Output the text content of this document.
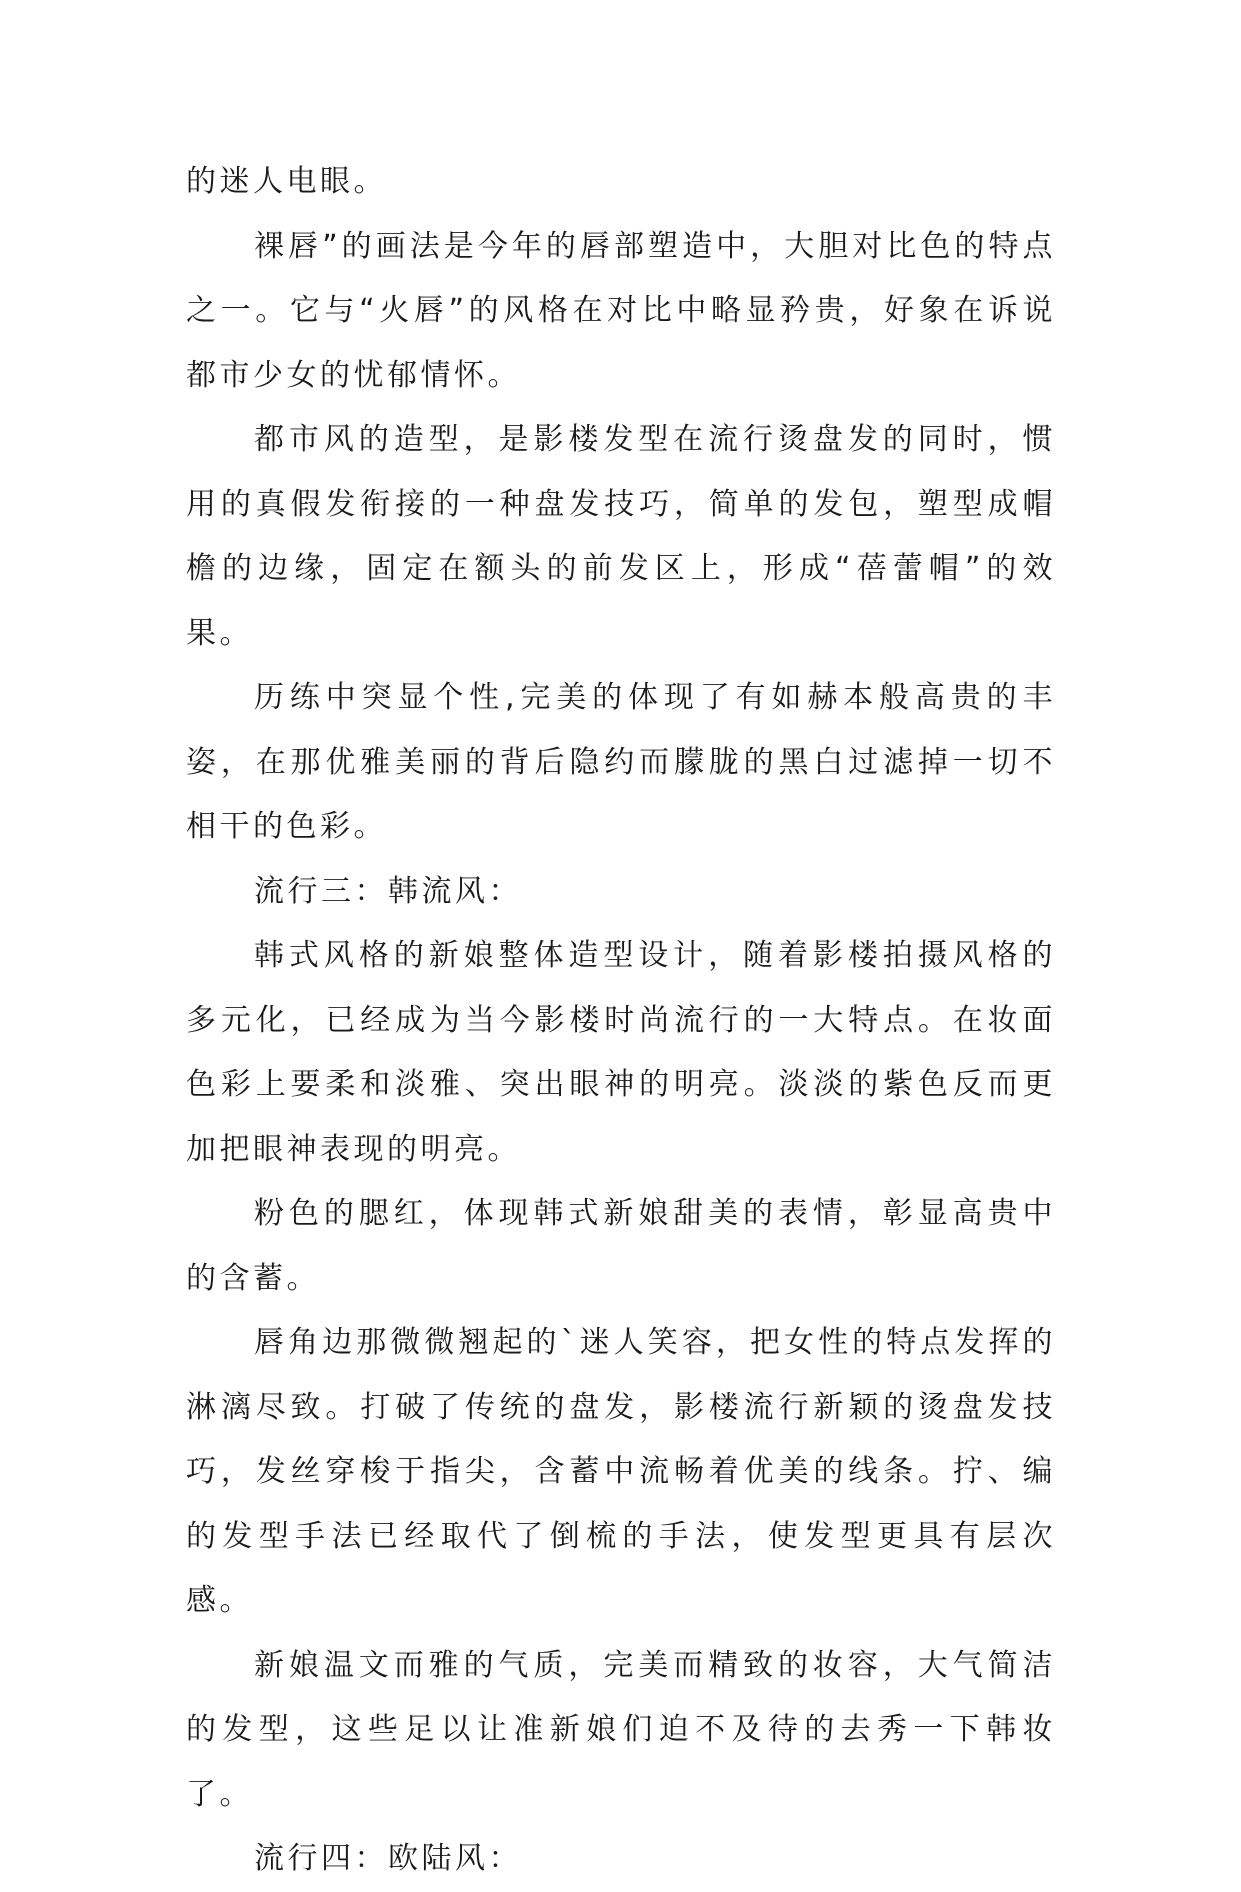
的迷人电眼。

裸唇”的画法是今年的唇部塑造中，大胆对比色的特点之一。它与“火唇”的风格在对比中略显矜贵，好象在诉说都市少女的忧郁情怀。

都市风的造型，是影楼发型在流行烫盘发的同时，惯用的真假发衔接的一种盘发技巧，简单的发包，塑型成帽檐的边缘，固定在额头的前发区上，形成“蓓蕾帽”的效果。

历练中突显个性,完美的体现了有如赫本般高贵的丰姿，在那优雅美丽的背后隐约而朦胧的黑白过滤掉一切不相干的色彩。

流行三：韩流风：

韩式风格的新娘整体造型设计，随着影楼拍摄风格的多元化，已经成为当今影楼时尚流行的一大特点。在妆面色彩上要柔和淡雅、突出眼神的明亮。淡淡的紫色反而更加把眼神表现的明亮。

粉色的腮红，体现韩式新娘甜美的表情，彰显高贵中的含蓄。

唇角边那微微翘起的`迷人笑容，把女性的特点发挥的淋漓尽致。打破了传统的盘发，影楼流行新颖的烫盘发技巧，发丝穿梭于指尖，含蓄中流畅着优美的线条。拧、编的发型手法已经取代了倒梳的手法，使发型更具有层次感。

新娘温文而雅的气质，完美而精致的妆容，大气简洁的发型，这些足以让准新娘们迫不及待的去秀一下韩妆了。

流行四：欧陆风：
